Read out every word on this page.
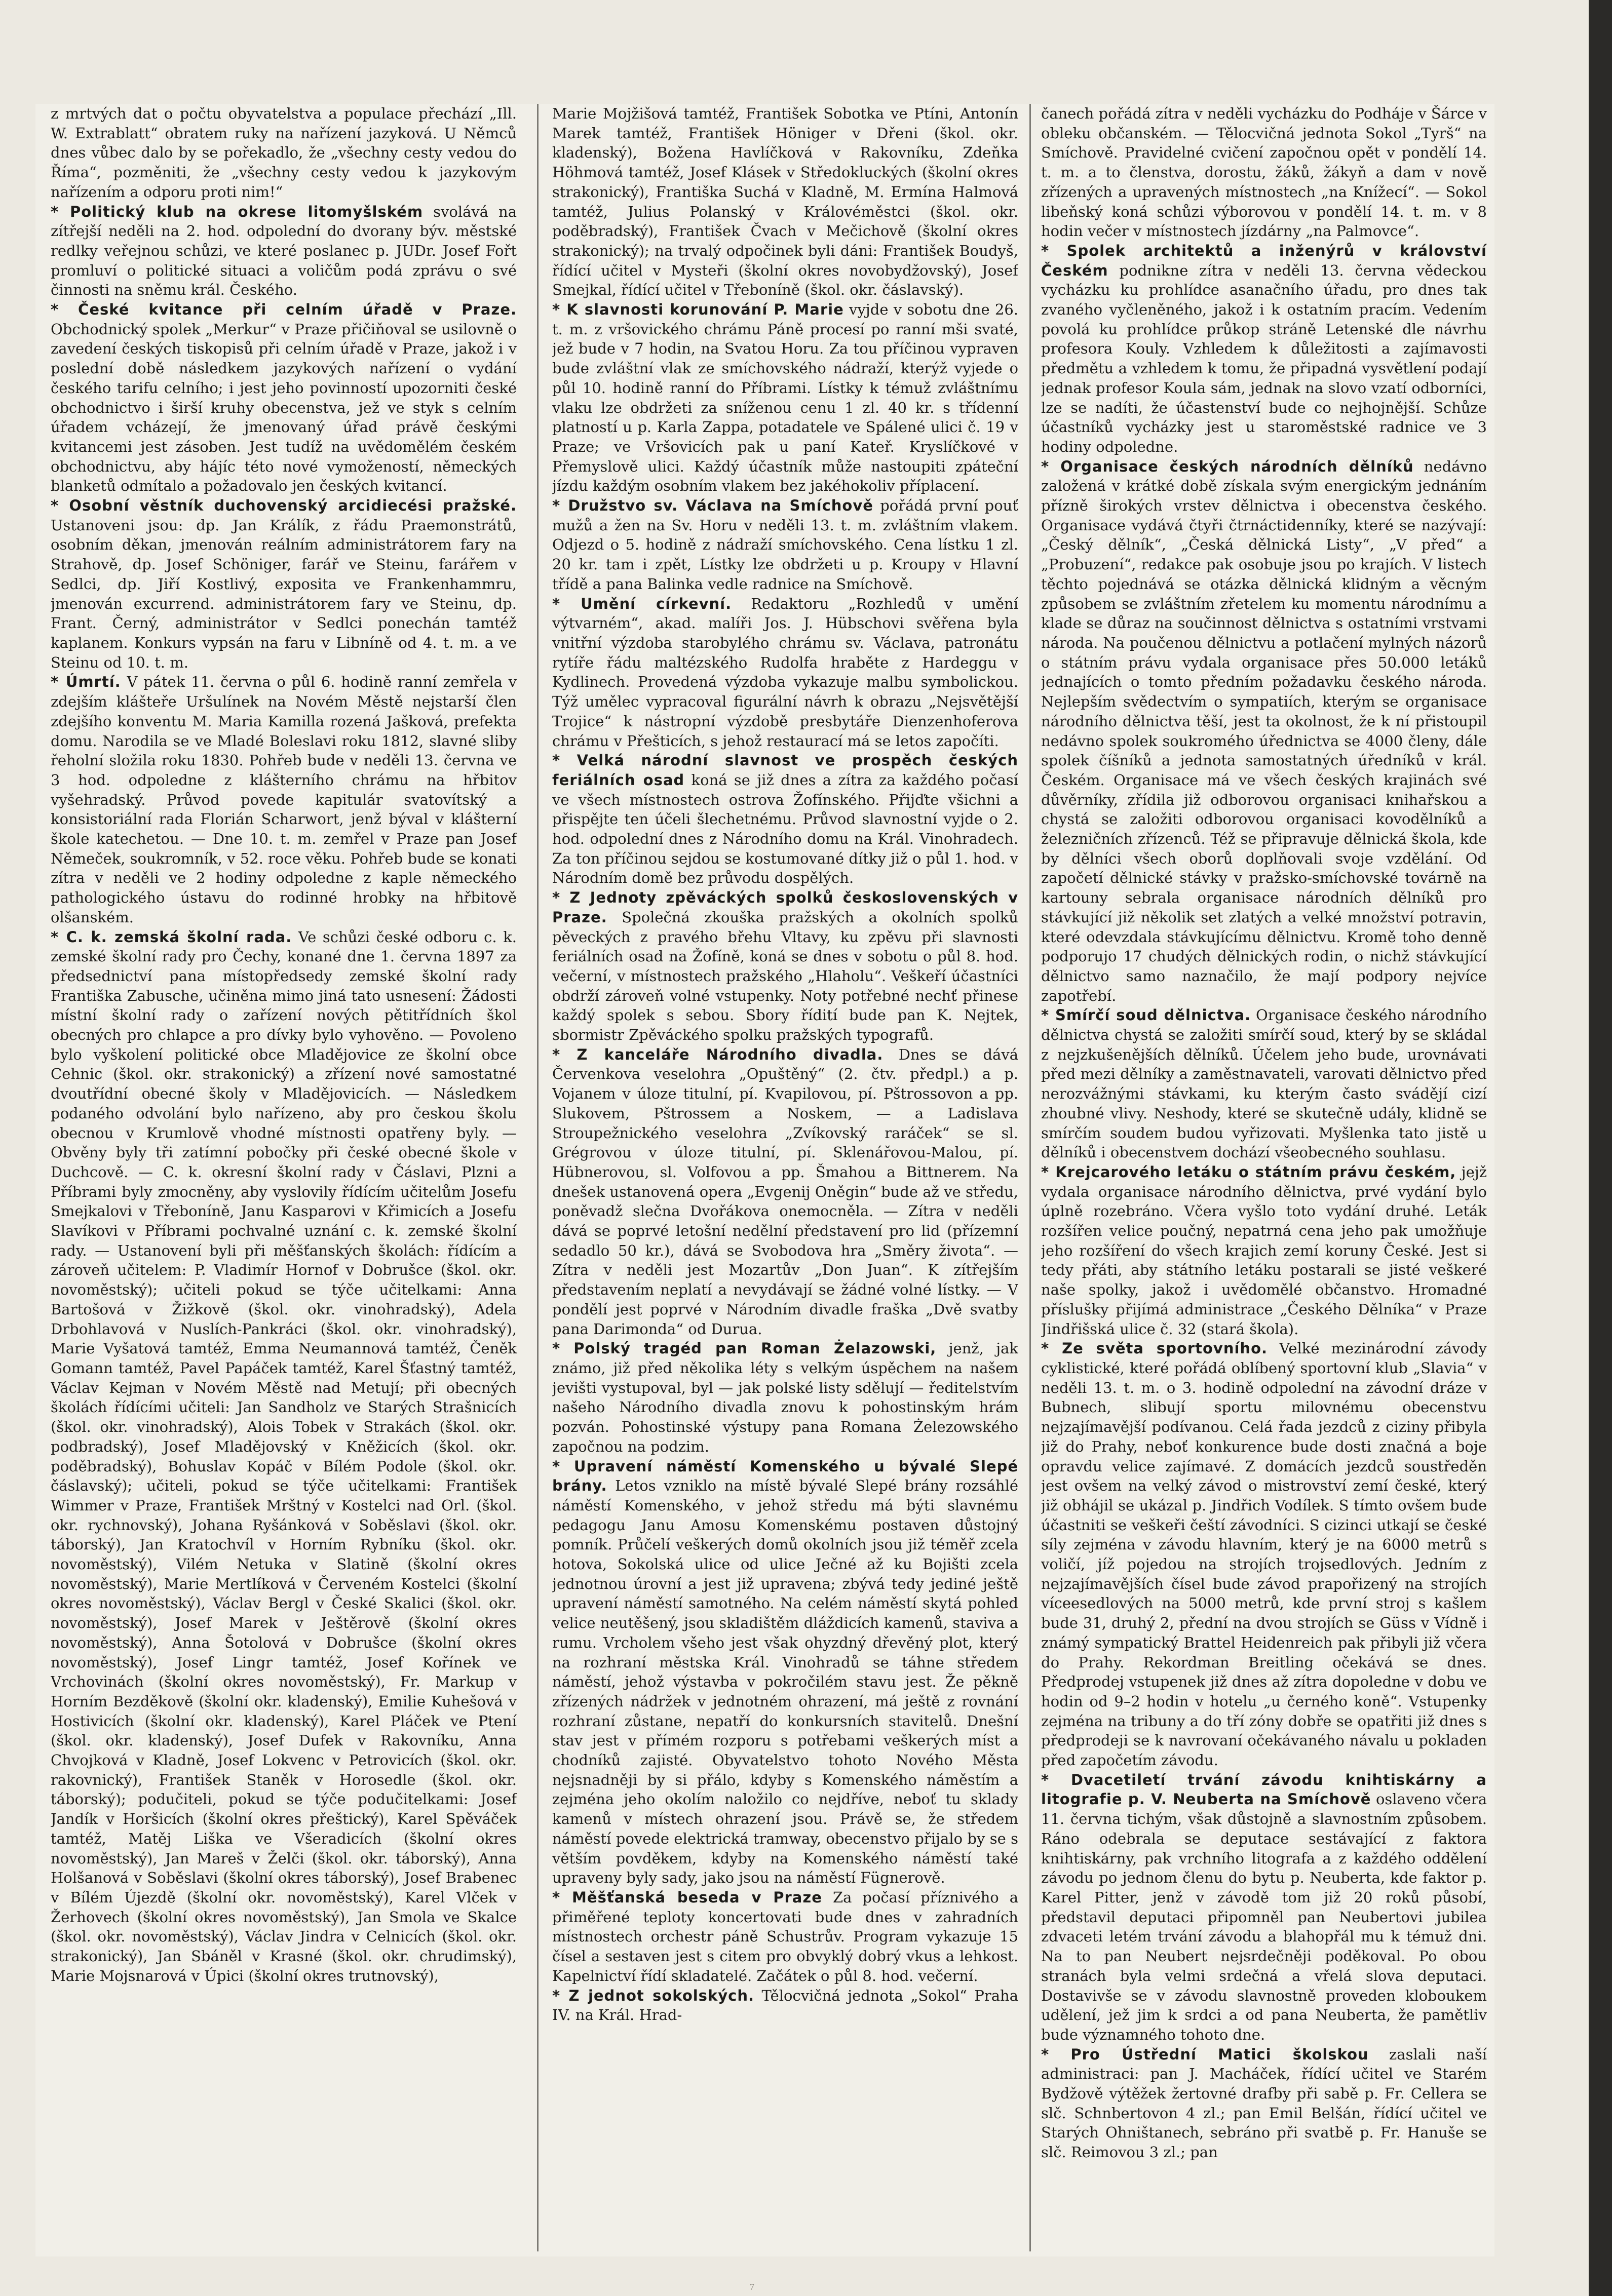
z mrtvých dat o počtu obyvatelstva a populace přechází „Ill. W. Extrablatt“ obratem ruky na nařízení jazyková. U Němců dnes vůbec dalo by se pořekadlo, že „všechny cesty vedou do Říma“, pozměniti, že „všechny cesty vedou k jazykovým nařízením a odporu proti nim!“

* Politický klub na okrese litomyšlském svolává na zítřejší neděli na 2. hod. odpolední do dvorany býv. městské redlky veřejnou schůzi, ve které poslanec p. JUDr. Josef Fořt promluví o politické situaci a voličům podá zprávu o své činnosti na sněmu král. Českého.

* České kvitance při celním úřadě v Praze. Obchodnický spolek „Merkur“ v Praze přičiňoval se usilovně o zavedení českých tiskopisů při celním úřadě v Praze, jakož i v poslední době následkem jazykových nařízení o vydání českého tarifu celního; i jest jeho povinností upozorniti české obchodnictvo i širší kruhy obecenstva, jež ve styk s celním úřadem vcházejí, že jmenovaný úřad právě českými kvitancemi jest zásoben. Jest tudíž na uvědomělém českém obchodnictvu, aby hájíc této nové vymožeností, německých blanketů odmítalo a požadovalo jen českých kvitancí.

* Osobní věstník duchovenský arcidiecési pražské. Ustanoveni jsou: dp. Jan Králík, z řádu Praemonstrátů, osobním děkan, jmenován reálním administrátorem fary na Strahově, dp. Josef Schöniger, farář ve Steinu, farářem v Sedlci, dp. Jiří Kostlivý, exposita ve Frankenhammru, jmenován excurrend. administrátorem fary ve Steinu, dp. Frant. Černý, administrátor v Sedlci ponechán tamtéž kaplanem. Konkurs vypsán na faru v Libníně od 4. t. m. a ve Steinu od 10. t. m.

* Úmrtí. V pátek 11. června o půl 6. hodině ranní zemřela v zdejším klášteře Uršulínek na Novém Městě nejstarší člen zdejšího konventu M. Maria Kamilla rozená Jašková, prefekta domu. Narodila se ve Mladé Boleslavi roku 1812, slavné sliby řeholní složila roku 1830. Pohřeb bude v neděli 13. června ve 3 hod. odpoledne z klášterního chrámu na hřbitov vyšehradský. Průvod povede kapitulár svatovítský a konsistoriální rada Florián Scharwort, jenž býval v klášterní škole katechetou. — Dne 10. t. m. zemřel v Praze pan Josef Němeček, soukromník, v 52. roce věku. Pohřeb bude se konati zítra v neděli ve 2 hodiny odpoledne z kaple německého pathologického ústavu do rodinné hrobky na hřbitově olšanském.

* C. k. zemská školní rada. Ve schůzi české odboru c. k. zemské školní rady pro Čechy, konané dne 1. června 1897 za předsednictví pana místopředsedy zemské školní rady Františka Zabusche, učiněna mimo jiná tato usnesení: Žádosti místní školní rady o zařízení nových pětitřídních škol obecných pro chlapce a pro dívky bylo vyhověno. — Povoleno bylo vyškolení politické obce Mladějovice ze školní obce Cehnic (škol. okr. strakonický) a zřízení nové samostatné dvoutřídní obecné školy v Mladějovicích. — Následkem podaného odvolání bylo nařízeno, aby pro českou školu obecnou v Krumlově vhodné místnosti opatřeny byly. — Obvěny byly tři zatímní pobočky při české obecné škole v Duchcově. — C. k. okresní školní rady v Čáslavi, Plzni a Příbrami byly zmocněny, aby vyslovily řídícím učitelům Josefu Smejkalovi v Třeboníně, Janu Kasparovi v Křimicích a Josefu Slavíkovi v Příbrami pochvalné uznání c. k. zemské školní rady. — Ustanovení byli při měšťanských školách: řídícím a zároveň učitelem: P. Vladimír Hornof v Dobrušce (škol. okr. novoměstský); učiteli pokud se týče učitelkami: Anna Bartošová v Žižkově (škol. okr. vinohradský), Adela Drbohlavová v Nuslích-Pankráci (škol. okr. vinohradský), Marie Vyšatová tamtéž, Emma Neumannová tamtéž, Čeněk Gomann tamtéž, Pavel Papáček tamtéž, Karel Šťastný tamtéž, Václav Kejman v Novém Městě nad Metují; při obecných školách řídícími učiteli: Jan Sandholz ve Starých Strašnicích (škol. okr. vinohradský), Alois Tobek v Strakách (škol. okr. podbradský), Josef Mladějovský v Kněžicích (škol. okr. poděbradský), Bohuslav Kopáč v Bílém Podole (škol. okr. čáslavský); učiteli, pokud se týče učitelkami: František Wimmer v Praze, František Mrštný v Kostelci nad Orl. (škol. okr. rychnovský), Johana Ryšánková v Soběslavi (škol. okr. táborský), Jan Kratochvíl v Horním Rybníku (škol. okr. novoměstský), Vilém Netuka v Slatině (školní okres novoměstský), Marie Mertlíková v Červeném Kostelci (školní okres novoměstský), Václav Bergl v České Skalici (škol. okr. novoměstský), Josef Marek v Ještěrově (školní okres novoměstský), Anna Šotolová v Dobrušce (školní okres novoměstský), Josef Lingr tamtéž, Josef Kořínek ve Vrchovinách (školní okres novoměstský), Fr. Markup v Horním Bezděkově (školní okr. kladenský), Emilie Kuhešová v Hostivicích (školní okr. kladenský), Karel Pláček ve Ptení (škol. okr. kladenský), Josef Dufek v Rakovníku, Anna Chvojková v Kladně, Josef Lokvenc v Petrovicích (škol. okr. rakovnický), František Staněk v Horosedle (škol. okr. táborský); podučiteli, pokud se týče podučitelkami: Josef Jandík v Horšicích (školní okres přeštický), Karel Spěváček tamtéž, Matěj Liška ve Všeradicích (školní okres novoměstský), Jan Mareš v Želči (škol. okr. táborský), Anna Holšanová v Soběslavi (školní okres táborský), Josef Brabenec v Bílém Újezdě (školní okr. novoměstský), Karel Vlček v Žerhovech (školní okres novoměstský), Jan Smola ve Skalce (škol. okr. novoměstský), Václav Jindra v Celnicích (škol. okr. strakonický), Jan Sbáněl v Krasné (škol. okr. chrudimský), Marie Mojsnarová v Úpici (školní okres trutnovský),

Marie Mojžišová tamtéž, František Sobotka ve Ptíni, Antonín Marek tamtéž, František Höniger v Dřeni (škol. okr. kladenský), Božena Havlíčková v Rakovníku, Zdeňka Höhmová tamtéž, Josef Klásek v Středokluckých (školní okres strakonický), Františka Suchá v Kladně, M. Ermína Halmová tamtéž, Julius Polanský v Královéměstci (škol. okr. poděbradský), František Čvach v Mečichově (školní okres strakonický); na trvalý odpočinek byli dáni: František Boudyš, řídící učitel v Mysteři (školní okres novobydžovský), Josef Smejkal, řídící učitel v Třeboníně (škol. okr. čáslavský).

* K slavnosti korunování P. Marie vyjde v sobotu dne 26. t. m. z vršovického chrámu Páně procesí po ranní mši svaté, jež bude v 7 hodin, na Svatou Horu. Za tou příčinou vypraven bude zvláštní vlak ze smíchovského nádraží, kterýž vyjede o půl 10. hodině ranní do Příbrami. Lístky k témuž zvláštnímu vlaku lze obdržeti za sníženou cenu 1 zl. 40 kr. s třídenní platností u p. Karla Zappa, potadatele ve Spálené ulici č. 19 v Praze; ve Vršovicích pak u paní Kateř. Kryslíčkové v Přemyslově ulici. Každý účastník může nastoupiti zpáteční jízdu každým osobním vlakem bez jakéhokoliv příplacení.

* Družstvo sv. Václava na Smíchově pořádá první pouť mužů a žen na Sv. Horu v neděli 13. t. m. zvláštním vlakem. Odjezd o 5. hodině z nádraží smíchovského. Cena lístku 1 zl. 20 kr. tam i zpět, Lístky lze obdržeti u p. Kroupy v Hlavní třídě a pana Balinka vedle radnice na Smíchově.

* Umění církevní. Redaktoru „Rozhledů v umění výtvarném“, akad. malíři Jos. J. Hübschovi svěřena byla vnitřní výzdoba starobylého chrámu sv. Václava, patronátu rytíře řádu maltézského Rudolfa hraběte z Hardeggu v Kydlinech. Provedená výzdoba vykazuje malbu symbolickou. Týž umělec vypracoval figurální návrh k obrazu „Nejsvětější Trojice“ k nástropní výzdobě presbytáře Dienzenhoferova chrámu v Přešticích, s jehož restaurací má se letos započíti.

* Velká národní slavnost ve prospěch českých feriálních osad koná se již dnes a zítra za každého počasí ve všech místnostech ostrova Žofínského. Přijďte všichni a přispějte ten účeli šlechetnému. Průvod slavnostní vyjde o 2. hod. odpolední dnes z Národního domu na Král. Vinohradech. Za ton příčinou sejdou se kostumované dítky již o půl 1. hod. v Národním domě bez průvodu dospělých.

* Z Jednoty zpěváckých spolků československých v Praze. Společná zkouška pražských a okolních spolků pěveckých z pravého břehu Vltavy, ku zpěvu při slavnosti feriálních osad na Žofíně, koná se dnes v sobotu o půl 8. hod. večerní, v místnostech pražského „Hlaholu“. Veškeří účastníci obdrží zároveň volné vstupenky. Noty potřebné nechť přinese každý spolek s sebou. Sbory řídití bude pan K. Nejtek, sbormistr Zpěváckého spolku pražských typografů.

* Z kanceláře Národního divadla. Dnes se dává Červenkova veselohra „Opuštěný“ (2. čtv. předpl.) a p. Vojanem v úloze titulní, pí. Kvapilovou, pí. Pštrossovon a pp. Slukovem, Pštrossem a Noskem, — a Ladislava Stroupežnického veselohra „Zvíkovský raráček“ se sl. Grégrovou v úloze titulní, pí. Sklenářovou-Malou, pí. Hübnerovou, sl. Volfovou a pp. Šmahou a Bittnerem. Na dnešek ustanovená opera „Evgenij Oněgin“ bude až ve středu, poněvadž slečna Dvořákova onemocněla. — Zítra v neděli dává se poprvé letošní nedělní představení pro lid (přízemní sedadlo 50 kr.), dává se Svobodova hra „Směry života“. — Zítra v neděli jest Mozartův „Don Juan“. K zítřejším představením neplatí a nevydávají se žádné volné lístky. — V pondělí jest poprvé v Národním divadle fraška „Dvě svatby pana Darimonda“ od Durua.

* Polský tragéd pan Roman Żelazowski, jenž, jak známo, již před několika léty s velkým úspěchem na našem jevišti vystupoval, byl — jak polské listy sdělují — ředitelstvím našeho Národního divadla znovu k pohostinským hrám pozván. Pohostinské výstupy pana Romana Żelezowského započnou na podzim.

* Upravení náměstí Komenského u bývalé Slepé brány. Letos vzniklo na místě bývalé Slepé brány rozsáhlé náměstí Komenského, v jehož středu má býti slavnému pedagogu Janu Amosu Komenskému postaven důstojný pomník. Průčelí veškerých domů okolních jsou již téměř zcela hotova, Sokolská ulice od ulice Ječné až ku Bojišti zcela jednotnou úrovní a jest již upravena; zbývá tedy jediné ještě upravení náměstí samotného. Na celém náměstí skytá pohled velice neutěšený, jsou skladištěm dláždicích kamenů, staviva a rumu. Vrcholem všeho jest však ohyzdný dřevěný plot, který na rozhraní městska Král. Vinohradů se táhne středem náměstí, jehož výstavba v pokročilém stavu jest. Že pěkně zřízených nádržek v jednotném ohrazení, má ještě z rovnání rozhraní zůstane, nepatří do konkursních stavitelů. Dnešní stav jest v přímém rozporu s potřebami veškerých míst a chodníků zajisté. Obyvatelstvo tohoto Nového Města nejsnadněji by si přálo, kdyby s Komenského náměstím a zejména jeho okolím naložilo co nejdříve, neboť tu sklady kamenů v místech ohrazení jsou. Právě se, že středem náměstí povede elektrická tramway, obecenstvo přijalo by se s větším povděkem, kdyby na Komenského náměstí také upraveny byly sady, jako jsou na náměstí Fügnerově.

* Měšťanská beseda v Praze Za počasí příznivého a přiměřené teploty koncertovati bude dnes v zahradních místnostech orchestr páně Schustrův. Program vykazuje 15 čísel a sestaven jest s citem pro obvyklý dobrý vkus a lehkost. Kapelnictví řídí skladatelé. Začátek o půl 8. hod. večerní.

* Z jednot sokolských. Tělocvičná jednota „Sokol“ Praha IV. na Král. Hrad-

čanech pořádá zítra v neděli vycházku do Podháje v Šárce v obleku občanském. — Tělocvičná jednota Sokol „Tyrš“ na Smíchově. Pravidelné cvičení započnou opět v pondělí 14. t. m. a to členstva, dorostu, žáků, žákyň a dam v nově zřízených a upravených místnostech „na Knížecí“. — Sokol libeňský koná schůzi výborovou v pondělí 14. t. m. v 8 hodin večer v místnostech jízdárny „na Palmovce“.

* Spolek architektů a inženýrů v království Českém podnikne zítra v neděli 13. června vědeckou vycházku ku prohlídce asanačního úřadu, pro dnes tak zvaného vyčleněného, jakož i k ostatním pracím. Vedením povolá ku prohlídce průkop stráně Letenské dle návrhu profesora Kouly. Vzhledem k důležitosti a zajímavosti předmětu a vzhledem k tomu, že připadná vysvětlení podají jednak profesor Koula sám, jednak na slovo vzatí odborníci, lze se nadíti, že účastenství bude co nejhojnější. Schůze účastníků vycházky jest u staroměstské radnice ve 3 hodiny odpoledne.

* Organisace českých národních dělníků nedávno založená v krátké době získala svým energickým jednáním přízně širokých vrstev dělnictva i obecenstva českého. Organisace vydává čtyři čtrnáctidenníky, které se nazývají: „Český dělník“, „Česká dělnická Listy“, „V před“ a „Probuzení“, redakce pak osobuje jsou po krajích. V listech těchto pojednává se otázka dělnická klidným a věcným způsobem se zvláštním zřetelem ku momentu národnímu a klade se důraz na součinnost dělnictva s ostatními vrstvami národa. Na poučenou dělnictvu a potlačení mylných názorů o státním právu vydala organisace přes 50.000 letáků jednajících o tomto předním požadavku českého národa. Nejlepším svědectvím o sympatiích, kterým se organisace národního dělnictva těší, jest ta okolnost, že k ní přistoupil nedávno spolek soukromého úřednictva se 4000 členy, dále spolek číšníků a jednota samostatných úředníků v král. Českém. Organisace má ve všech českých krajinách své důvěrníky, zřídila již odborovou organisaci knihařskou a chystá se založiti odborovou organisaci kovodělníků a železničních zřízenců. Též se připravuje dělnická škola, kde by dělníci všech oborů doplňovali svoje vzdělání. Od započetí dělnické stávky v pražsko-smíchovské továrně na kartouny sebrala organisace národních dělníků pro stávkující již několik set zlatých a velké množství potravin, které odevzdala stávkujícímu dělnictvu. Kromě toho denně podporujo 17 chudých dělnických rodin, o nichž stávkující dělnictvo samo naznačilo, že mají podpory nejvíce zapotřebí.

* Smírčí soud dělnictva. Organisace českého národního dělnictva chystá se založiti smírčí soud, který by se skládal z nejzkušenějších dělníků. Účelem jeho bude, urovnávati před mezi dělníky a zaměstnavateli, varovati dělnictvo před nerozvážnými stávkami, ku kterým často svádějí cizí zhoubné vlivy. Neshody, které se skutečně udály, klidně se smírčím soudem budou vyřizovati. Myšlenka tato jistě u dělníků i obecenstvem dochází všeobecného souhlasu.

* Krejcarového letáku o státním právu českém, jejž vydala organisace národního dělnictva, prvé vydání bylo úplně rozebráno. Včera vyšlo toto vydání druhé. Leták rozšířen velice poučný, nepatrná cena jeho pak umožňuje jeho rozšíření do všech krajich zemí koruny České. Jest si tedy přáti, aby státního letáku postarali se jisté veškeré naše spolky, jakož i uvědomělé občanstvo. Hromadné příslušky přijímá administrace „Českého Dělníka“ v Praze Jindřišská ulice č. 32 (stará škola).

* Ze světa sportovního. Velké mezinárodní závody cyklistické, které pořádá oblíbený sportovní klub „Slavia“ v neděli 13. t. m. o 3. hodině odpolední na závodní dráze v Bubnech, slibují sportu milovnému obecenstvu nejzajímavější podívanou. Celá řada jezdců z ciziny přibyla již do Prahy, neboť konkurence bude dosti značná a boje opravdu velice zajímavé. Z domácích jezdců soustředěn jest ovšem na velký závod o mistrovství zemí české, který již obhájil se ukázal p. Jindřich Vodílek. S tímto ovšem bude účastniti se veškeři čeští závodníci. S cizinci utkají se české síly zejména v závodu hlavním, který je na 6000 metrů s voličí, jíž pojedou na strojích trojsedlových. Jedním z nejzajímavějších čísel bude závod prapořizený na strojích víceesedlových na 5000 metrů, kde první stroj s kašlem bude 31, druhý 2, přední na dvou strojích se Güss v Vídně i známý sympatický Brattel Heidenreich pak přibyli již včera do Prahy. Rekordman Breitling očekává se dnes. Předprodej vstupenek již dnes až zítra dopoledne v dobu ve hodin od 9–2 hodin v hotelu „u černého koně“. Vstupenky zejména na tribuny a do tří zóny dobře se opatřiti již dnes s předprodeji se k navrovaní očekávaného návalu u pokladen před započetím závodu.

* Dvacetiletí trvání závodu knihtiskárny a litografie p. V. Neuberta na Smíchově oslaveno včera 11. června tichým, však důstojně a slavnostním způsobem. Ráno odebrala se deputace sestávající z faktora knihtiskárny, pak vrchního litografa a z každého oddělení závodu po jednom členu do bytu p. Neuberta, kde faktor p. Karel Pitter, jenž v závodě tom již 20 roků působí, představil deputaci připomněl pan Neubertovi jubilea zdvaceti letém trvání závodu a blahopřál mu k témuž dni. Na to pan Neubert nejsrdečněji poděkoval. Po obou stranách byla velmi srdečná a vřelá slova deputaci. Dostavivše se v závodu slavnostně proveden kloboukem udělení, jež jim k srdci a od pana Neuberta, že pamětliv bude významného tohoto dne.

* Pro Ústřední Matici školskou zaslali naší administraci: pan J. Macháček, řídící učitel ve Starém Bydžově výtěžek žertovné drafby při sabě p. Fr. Cellera se slč. Schnbertovon 4 zl.; pan Emil Belšán, řídící učitel ve Starých Ohništanech, sebráno při svatbě p. Fr. Hanuše se slč. Reimovou 3 zl.; pan

7
